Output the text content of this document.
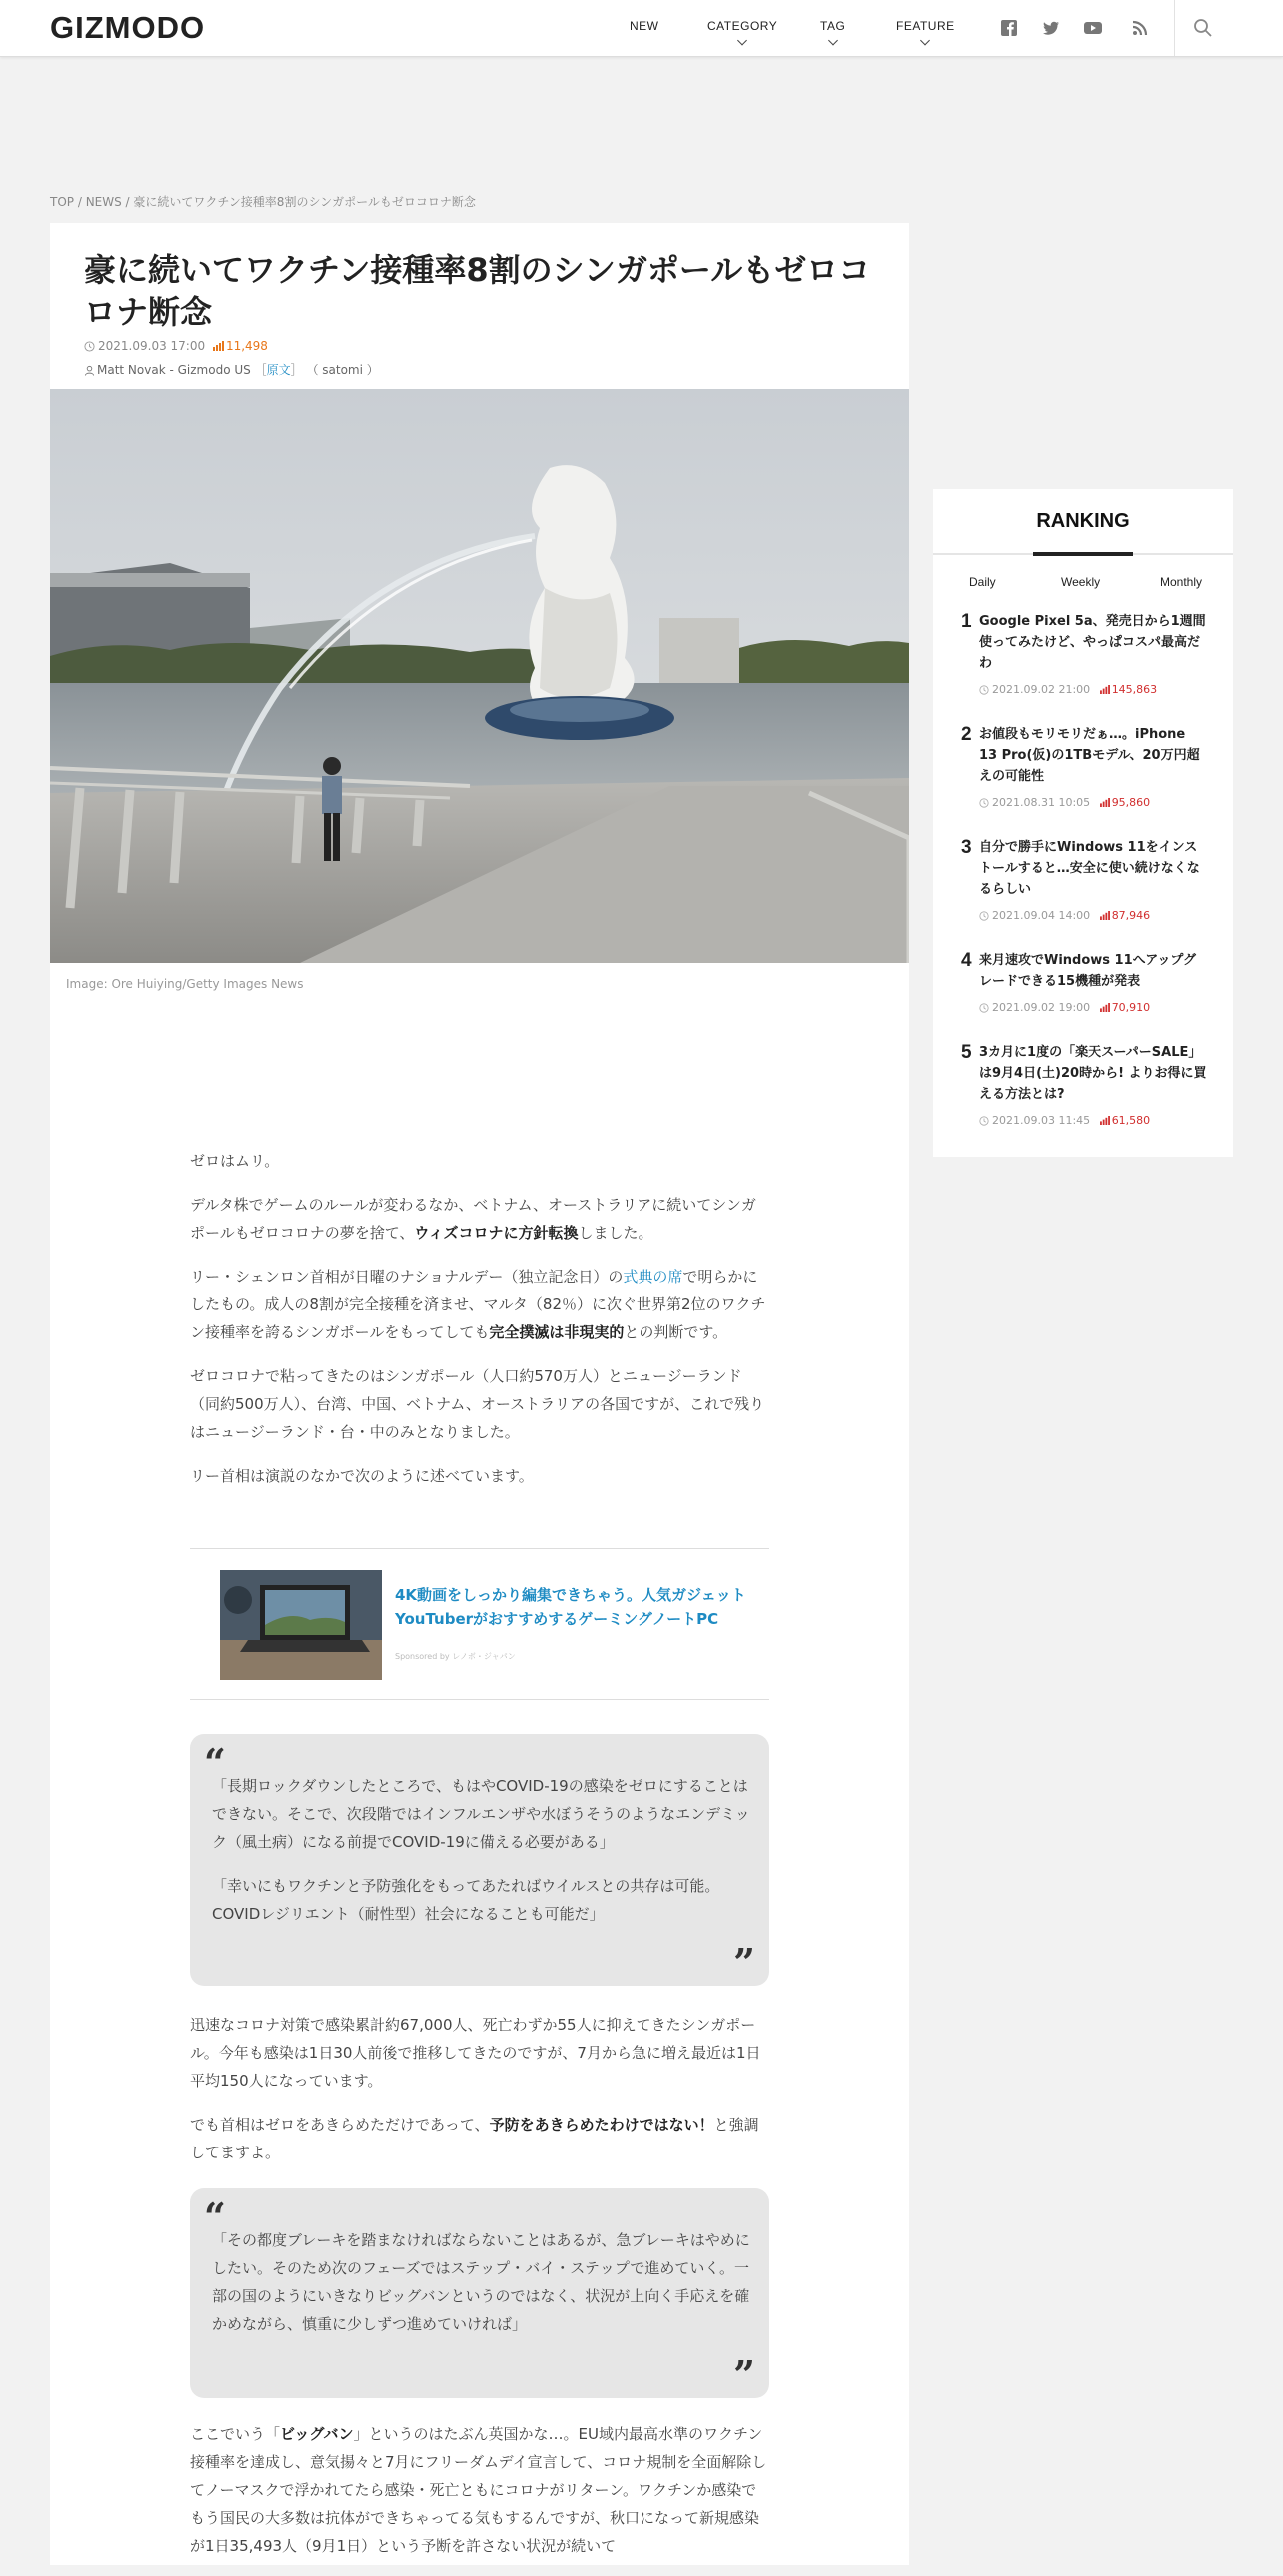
GIZMODO	NEW	CATEGORY	TAG	FEATURE
TOP / NEWS / 豪に続いてワクチン接種率8割のシンガポールもゼロコロナ断念
豪に続いてワクチン接種率8割のシンガポールもゼロコロナ断念
2021.09.03 17:00 11,498
Matt Novak - Gizmodo US ［原文］ （ satomi ）
Image: Ore Huiying/Getty Images News

ゼロはムリ。

デルタ株でゲームのルールが変わるなか、ベトナム、オーストラリアに続いてシンガポールもゼロコロナの夢を捨て、ウィズコロナに方針転換しました。

リー・シェンロン首相が日曜のナショナルデー（独立記念日）の式典の席で明らかにしたもの。成人の8割が完全接種を済ませ、マルタ（82％）に次ぐ世界第2位のワクチン接種率を誇るシンガポールをもってしても完全撲滅は非現実的との判断です。

ゼロコロナで粘ってきたのはシンガポール（人口約570万人）とニュージーランド（同約500万人）、台湾、中国、ベトナム、オーストラリアの各国ですが、これで残りはニュージーランド・台・中のみとなりました。

リー首相は演説のなかで次のように述べています。

4K動画をしっかり編集できちゃう。人気ガジェットYouTuberがおすすめするゲーミングノートPC
Sponsored by レノボ・ジャパン
“

「長期ロックダウンしたところで、もはやCOVID-19の感染をゼロにすることはできない。そこで、次段階ではインフルエンザや水ぼうそうのようなエンデミック（風土病）になる前提でCOVID-19に備える必要がある」

「幸いにもワクチンと予防強化をもってあたればウイルスとの共存は可能。COVIDレジリエント（耐性型）社会になることも可能だ」

”

迅速なコロナ対策で感染累計約67,000人、死亡わずか55人に抑えてきたシンガポール。今年も感染は1日30人前後で推移してきたのですが、7月から急に増え最近は1日平均150人になっています。

でも首相はゼロをあきらめただけであって、予防をあきらめたわけではない！と強調してますよ。

“

「その都度ブレーキを踏まなければならないことはあるが、急ブレーキはやめにしたい。そのため次のフェーズではステップ・バイ・ステップで進めていく。一部の国のようにいきなりビッグバンというのではなく、状況が上向く手応えを確かめながら、慎重に少しずつ進めていければ」

”

ここでいう「ビッグバン」というのはたぶん英国かな…。EU域内最高水準のワクチン接種率を達成し、意気揚々と7月にフリーダムデイ宣言して、コロナ規制を全面解除してノーマスクで浮かれてたら感染・死亡ともにコロナがリターン。ワクチンか感染でもう国民の大多数は抗体ができちゃってる気もするんですが、秋口になって新規感染が1日35,493人（9月1日）という予断を許さない状況が続いて

RANKING
Daily	Weekly	Monthly
1 Google Pixel 5a、発売日から1週間使ってみたけど、やっぱコスパ最高だわ
2021.09.02 21:00 145,863
2 お値段もモリモリだぁ…。iPhone 13 Pro(仮)の1TBモデル、20万円超えの可能性
2021.08.31 10:05 95,860
3 自分で勝手にWindows 11をインストールすると…安全に使い続けなくなるらしい
2021.09.04 14:00 87,946
4 来月速攻でWindows 11へアップグレードできる15機種が発表
2021.09.02 19:00 70,910
5 3カ月に1度の「楽天スーパーSALE」は9月4日(土)20時から! よりお得に買える方法とは?
2021.09.03 11:45 61,580
